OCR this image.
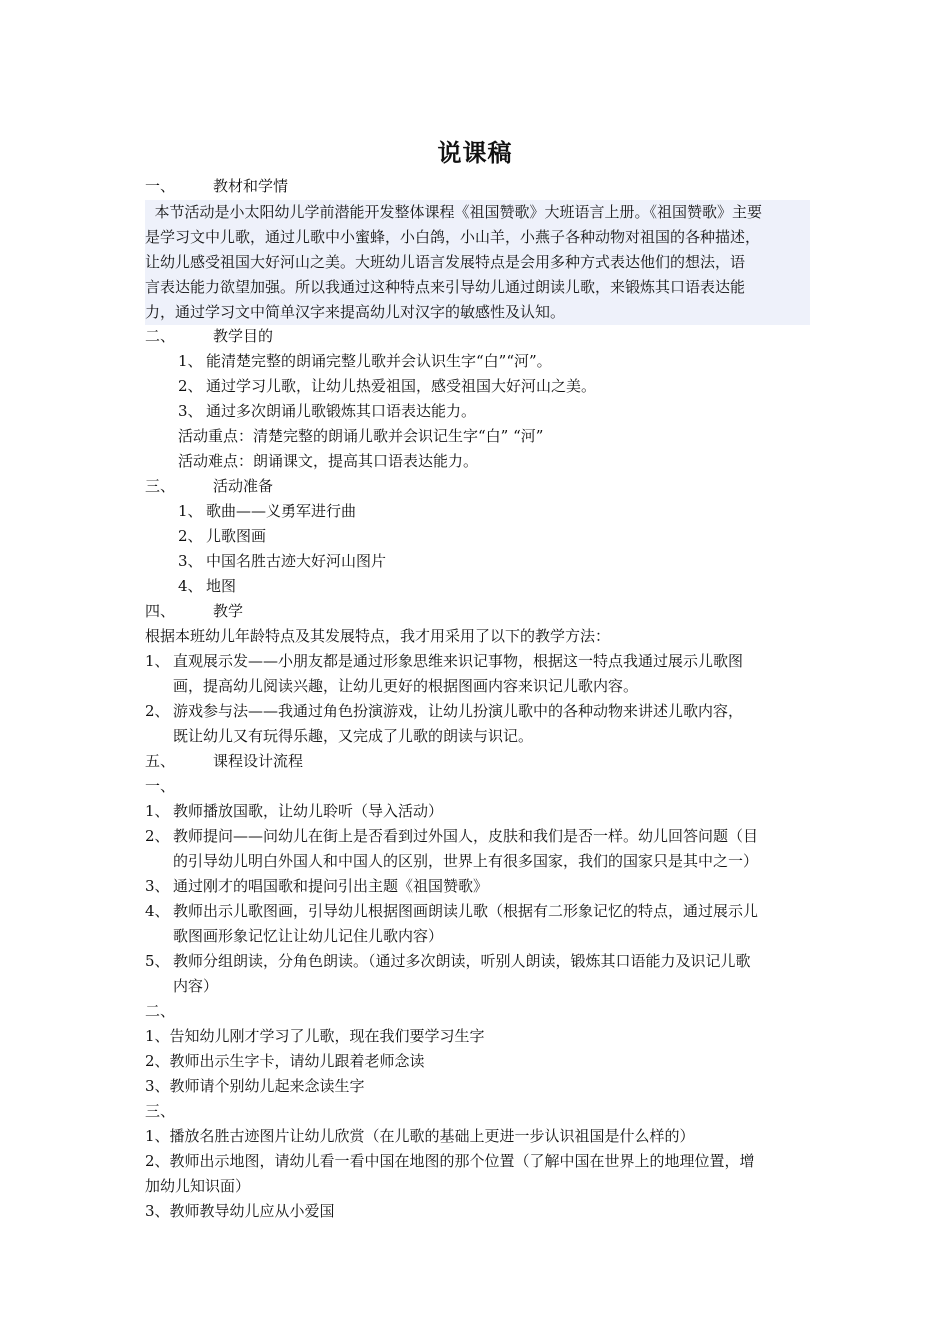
说课稿
一、	教材和学情
本节活动是小太阳幼儿学前潜能开发整体课程《祖国赞歌》大班语言上册。《祖国赞歌》主要
是学习文中儿歌，通过儿歌中小蜜蜂，小白鸽，小山羊，小燕子各种动物对祖国的各种描述，
让幼儿感受祖国大好河山之美。大班幼儿语言发展特点是会用多种方式表达他们的想法，语
言表达能力欲望加强。所以我通过这种特点来引导幼儿通过朗读儿歌，来锻炼其口语表达能
力，通过学习文中简单汉字来提高幼儿对汉字的敏感性及认知。
二、	教学目的
1、 能清楚完整的朗诵完整儿歌并会认识生字“白”“河”。
2、 通过学习儿歌，让幼儿热爱祖国，感受祖国大好河山之美。
3、 通过多次朗诵儿歌锻炼其口语表达能力。
活动重点：清楚完整的朗诵儿歌并会识记生字“白” “河”
活动难点：朗诵课文，提高其口语表达能力。
三、	活动准备
1、 歌曲——义勇军进行曲
2、 儿歌图画
3、 中国名胜古迹大好河山图片
4、 地图
四、	教学
根据本班幼儿年龄特点及其发展特点，我才用采用了以下的教学方法：
1、 直观展示发——小朋友都是通过形象思维来识记事物，根据这一特点我通过展示儿歌图
画，提高幼儿阅读兴趣，让幼儿更好的根据图画内容来识记儿歌内容。
2、 游戏参与法——我通过角色扮演游戏，让幼儿扮演儿歌中的各种动物来讲述儿歌内容，
既让幼儿又有玩得乐趣，又完成了儿歌的朗读与识记。
五、	课程设计流程
一、
1、 教师播放国歌，让幼儿聆听（导入活动）
2、 教师提问——问幼儿在街上是否看到过外国人，皮肤和我们是否一样。幼儿回答问题（目
的引导幼儿明白外国人和中国人的区别，世界上有很多国家，我们的国家只是其中之一）
3、 通过刚才的唱国歌和提问引出主题《祖国赞歌》
4、 教师出示儿歌图画，引导幼儿根据图画朗读儿歌（根据有二形象记忆的特点，通过展示儿
歌图画形象记忆让让幼儿记住儿歌内容）
5、 教师分组朗读，分角色朗读。（通过多次朗读，听别人朗读，锻炼其口语能力及识记儿歌
内容）
二、
1、告知幼儿刚才学习了儿歌，现在我们要学习生字
2、教师出示生字卡，请幼儿跟着老师念读
3、教师请个别幼儿起来念读生字
三、
1、播放名胜古迹图片让幼儿欣赏（在儿歌的基础上更进一步认识祖国是什么样的）
2、教师出示地图，请幼儿看一看中国在地图的那个位置（了解中国在世界上的地理位置，增
加幼儿知识面）
3、教师教导幼儿应从小爱国
